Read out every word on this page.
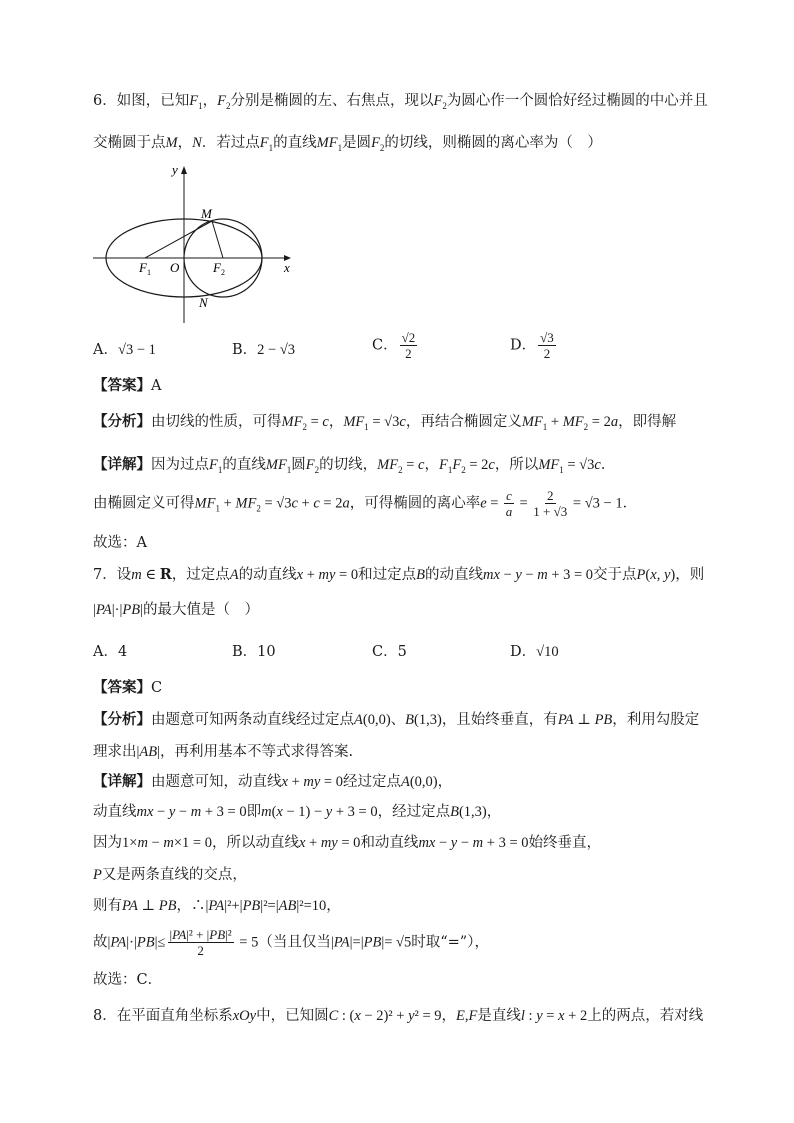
6．如图，已知$F_1$，$F_2$分别是椭圆的左、右焦点，现以$F_2$为圆心作一个圆恰好经过椭圆的中心并且
交椭圆于点M，N．若过点$F_1$的直线$MF_1$是圆$F_2$的切线，则椭圆的离心率为（　）
y
x
O
$F_1$	$F_2$
M
N
A．√3 − 1	B．2 − √3	C． $\frac{√2}{2}$	D． $\frac{√3}{2}$
【答案】A
【分析】由切线的性质，可得$MF_2 = c$，$MF_1 = √3c$，再结合椭圆定义$MF_1 + MF_2 = 2a$，即得解
【详解】因为过点$F_1$的直线$MF_1$圆$F_2$的切线，$MF_2 = c$，$F_1F_2 = 2c$，所以$MF_1 = √3c$．
由椭圆定义可得$MF_1 + MF_2 = √3c + c = 2a$，可得椭圆的离心率$e = \frac{c}{a} = \frac{2}{1 + √3} = √3 - 1$．
故选：A
7．设m ∈ R，过定点A的动直线x + my = 0和过定点B的动直线mx − y − m + 3 = 0交于点P(x, y)，则
|PA|·|PB|的最大值是（　）
A．4	B．10	C．5	D．√10
【答案】C
【分析】由题意可知两条动直线经过定点A(0,0)、B(1,3)，且始终垂直，有PA ⊥ PB，利用勾股定
理求出|AB|，再利用基本不等式求得答案.
【详解】由题意可知，动直线x + my = 0经过定点A(0,0)，
动直线mx − y − m + 3 = 0即m(x − 1) − y + 3 = 0，经过定点B(1,3)，
因为1×m − m×1 = 0，所以动直线x + my = 0和动直线mx − y − m + 3 = 0始终垂直，
P又是两条直线的交点，
则有PA ⊥ PB，∴|PA|²+|PB|²=|AB|²=10，
故$|PA|\cdot|PB|\le \frac{\text{|PA|² + |PB|²}}{2} = 5$（当且仅当|PA|=|PB|= √5时取“=”），
故选：C．
8．在平面直角坐标系xOy中，已知圆C : (x − 2)² + y² = 9，E,F是直线l : y = x + 2上的两点，若对线
